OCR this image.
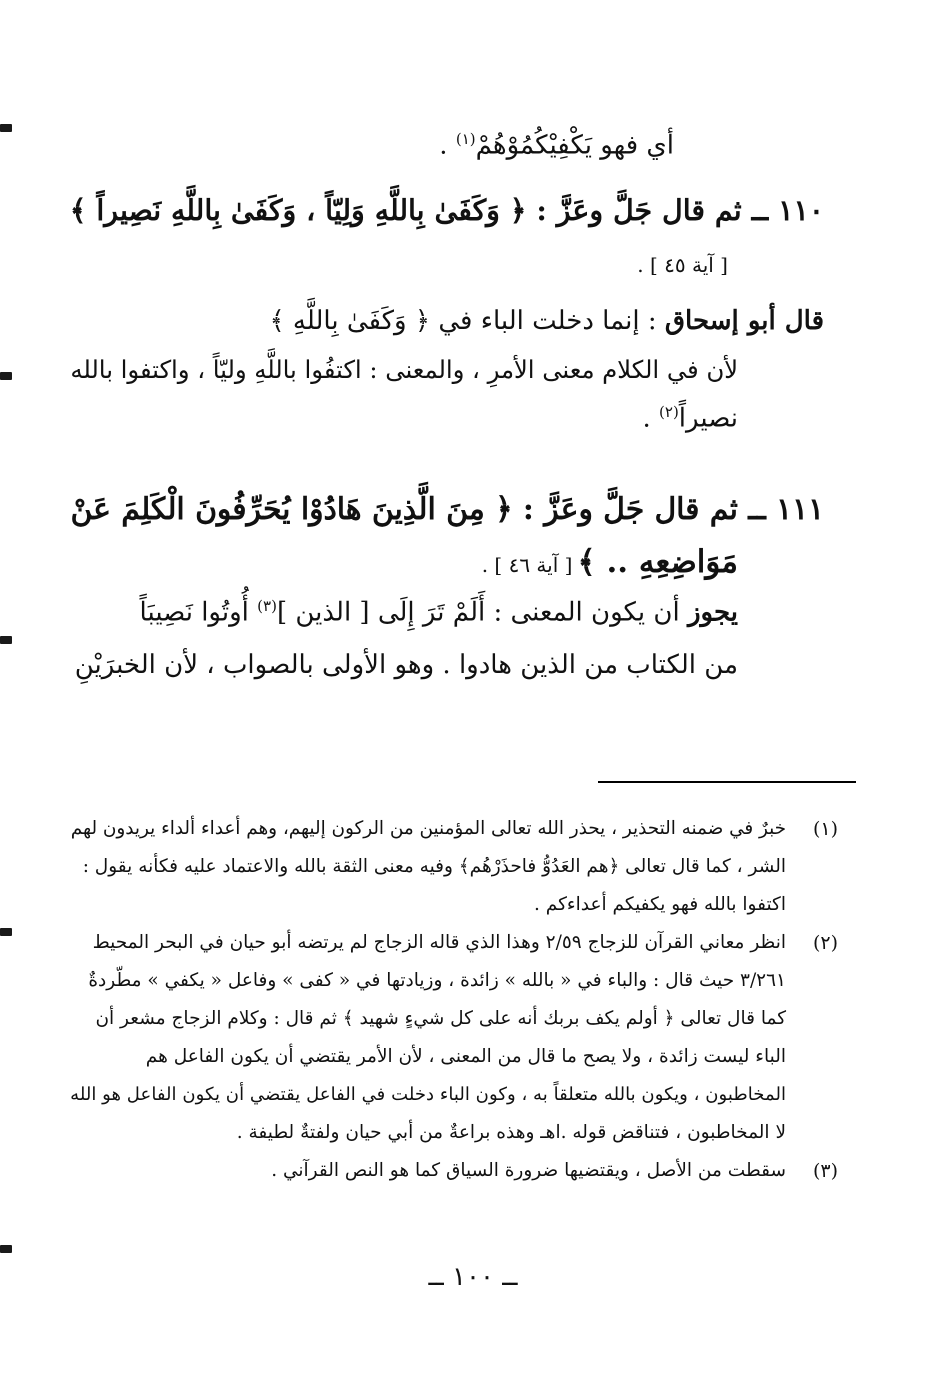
أي فهو يَكْفِيْكُمُوْهُمْ$^{(١)}$ .
١١٠ ــ ثم قال جَلَّ وعَزَّ : ﴿ وَكَفَىٰ بِاللَّهِ وَلِيّاً ، وَكَفَىٰ بِاللَّهِ نَصِيراً ﴾
[ آية ٤٥ ] .
قال أبو إسحاق : إنما دخلت الباء في ﴿ وَكَفَىٰ بِاللَّهِ ﴾
لأن في الكلام معنى الأمرِ ، والمعنى : اكتفُوا باللَّهِ وليّاً ، واكتفوا بالله
نصيراً$^{(٢)}$ .
١١١ ــ ثم قال جَلَّ وعَزَّ : ﴿ مِنَ الَّذِينَ هَادُوْا يُحَرِّفُونَ الْكَلِمَ عَنْ
مَوَاضِعِهِ .. ﴾ [ آية ٤٦ ] .
يجوز أن يكون المعنى : أَلَمْ تَرَ إِلَى [ الذين ]$^{(٣)}$ أُوتُوا نَصِيبَاً
من الكتاب من الذين هادوا . وهو الأولى بالصواب ، لأن الخبرَيْنِ
(١)
خبرٌ في ضمنه التحذير ، يحذر الله تعالى المؤمنين من الركون إليهم، وهم أعداء ألداء يريدون لهم
الشر ، كما قال تعالى ﴿هم العَدُوُّ فاحذَرْهُم﴾ وفيه معنى الثقة بالله والاعتماد عليه فكأنه يقول :
اكتفوا بالله فهو يكفيكم أعداءكم .
(٢)
انظر معاني القرآن للزجاج ٢/٥٩ وهذا الذي قاله الزجاج لم يرتضه أبو حيان في البحر المحيط
٣/٢٦١ حيث قال : والباء في « بالله » زائدة ، وزيادتها في « كفى » وفاعل « يكفي » مطّردةٌ
كما قال تعالى ﴿ أولم يكف بربك أنه على كل شيءٍ شهيد ﴾ ثم قال : وكلام الزجاج مشعر أن
الباء ليست زائدة ، ولا يصح ما قال من المعنى ، لأن الأمر يقتضي أن يكون الفاعل هم
المخاطبون ، ويكون بالله متعلقاً به ، وكون الباء دخلت في الفاعل يقتضي أن يكون الفاعل هو الله
لا المخاطبون ، فتناقض قوله .اهـ وهذه براعةٌ من أبي حيان ولفتةٌ لطيفة .
(٣)
سقطت من الأصل ، ويقتضيها ضرورة السياق كما هو النص القرآني .
ــ ١٠٠ ــ
